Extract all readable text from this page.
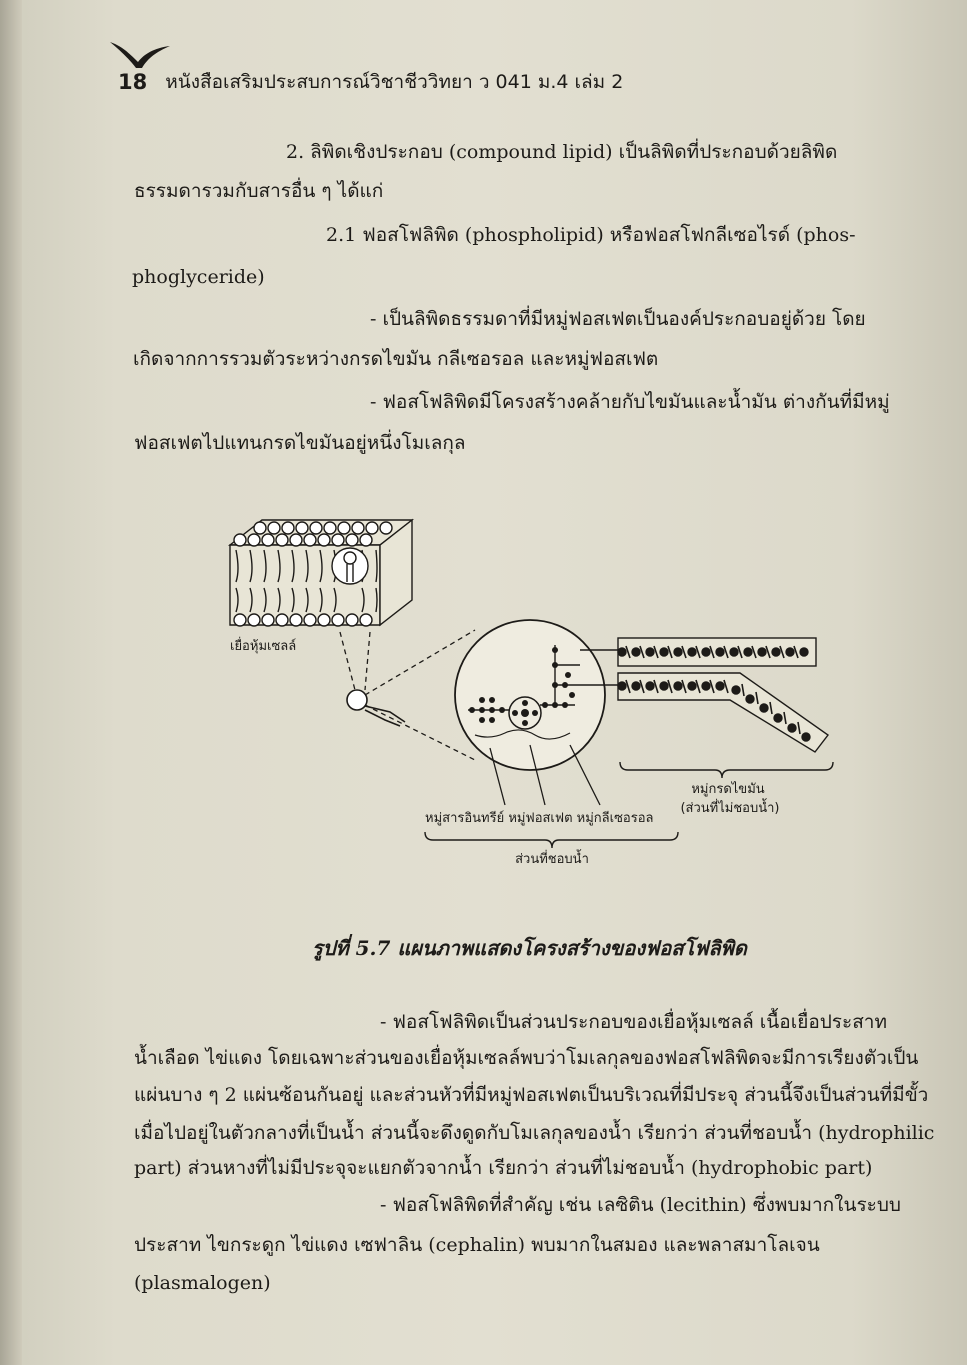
18 หนังสือเสริมประสบการณ์วิชาชีววิทยา ว 041 ม.4 เล่ม 2
2. ลิพิดเชิงประกอบ (compound lipid) เป็นลิพิดที่ประกอบด้วยลิพิด
ธรรมดารวมกับสารอื่น ๆ ได้แก่
2.1 ฟอสโฟลิพิด (phospholipid) หรือฟอสโฟกลีเซอไรด์ (phos-
phoglyceride)
- เป็นลิพิดธรรมดาที่มีหมู่ฟอสเฟตเป็นองค์ประกอบอยู่ด้วย โดย
เกิดจากการรวมตัวระหว่างกรดไขมัน กลีเซอรอล และหมู่ฟอสเฟต
- ฟอสโฟลิพิดมีโครงสร้างคล้ายกับไขมันและน้ำมัน ต่างกันที่มีหมู่
ฟอสเฟตไปแทนกรดไขมันอยู่หนึ่งโมเลกุล
เยื่อหุ้มเซลล์
หมู่กรดไขมัน
(ส่วนที่ไม่ชอบน้ำ)
หมู่สารอินทรีย์ หมู่ฟอสเฟต หมู่กลีเซอรอล
ส่วนที่ชอบน้ำ
รูปที่ 5.7 แผนภาพแสดงโครงสร้างของฟอสโฟลิพิด
- ฟอสโฟลิพิดเป็นส่วนประกอบของเยื่อหุ้มเซลล์ เนื้อเยื่อประสาท
น้ำเลือด ไข่แดง โดยเฉพาะส่วนของเยื่อหุ้มเซลล์พบว่าโมเลกุลของฟอสโฟลิพิดจะมีการเรียงตัวเป็น
แผ่นบาง ๆ 2 แผ่นซ้อนกันอยู่ และส่วนหัวที่มีหมู่ฟอสเฟตเป็นบริเวณที่มีประจุ ส่วนนี้จึงเป็นส่วนที่มีขั้ว
เมื่อไปอยู่ในตัวกลางที่เป็นน้ำ ส่วนนี้จะดึงดูดกับโมเลกุลของน้ำ เรียกว่า ส่วนที่ชอบน้ำ (hydrophilic
part) ส่วนหางที่ไม่มีประจุจะแยกตัวจากน้ำ เรียกว่า ส่วนที่ไม่ชอบน้ำ (hydrophobic part)
- ฟอสโฟลิพิดที่สำคัญ เช่น เลซิติน (lecithin) ซึ่งพบมากในระบบ
ประสาท ไขกระดูก ไข่แดง เซฟาลิน (cephalin) พบมากในสมอง และพลาสมาโลเจน
(plasmalogen)
